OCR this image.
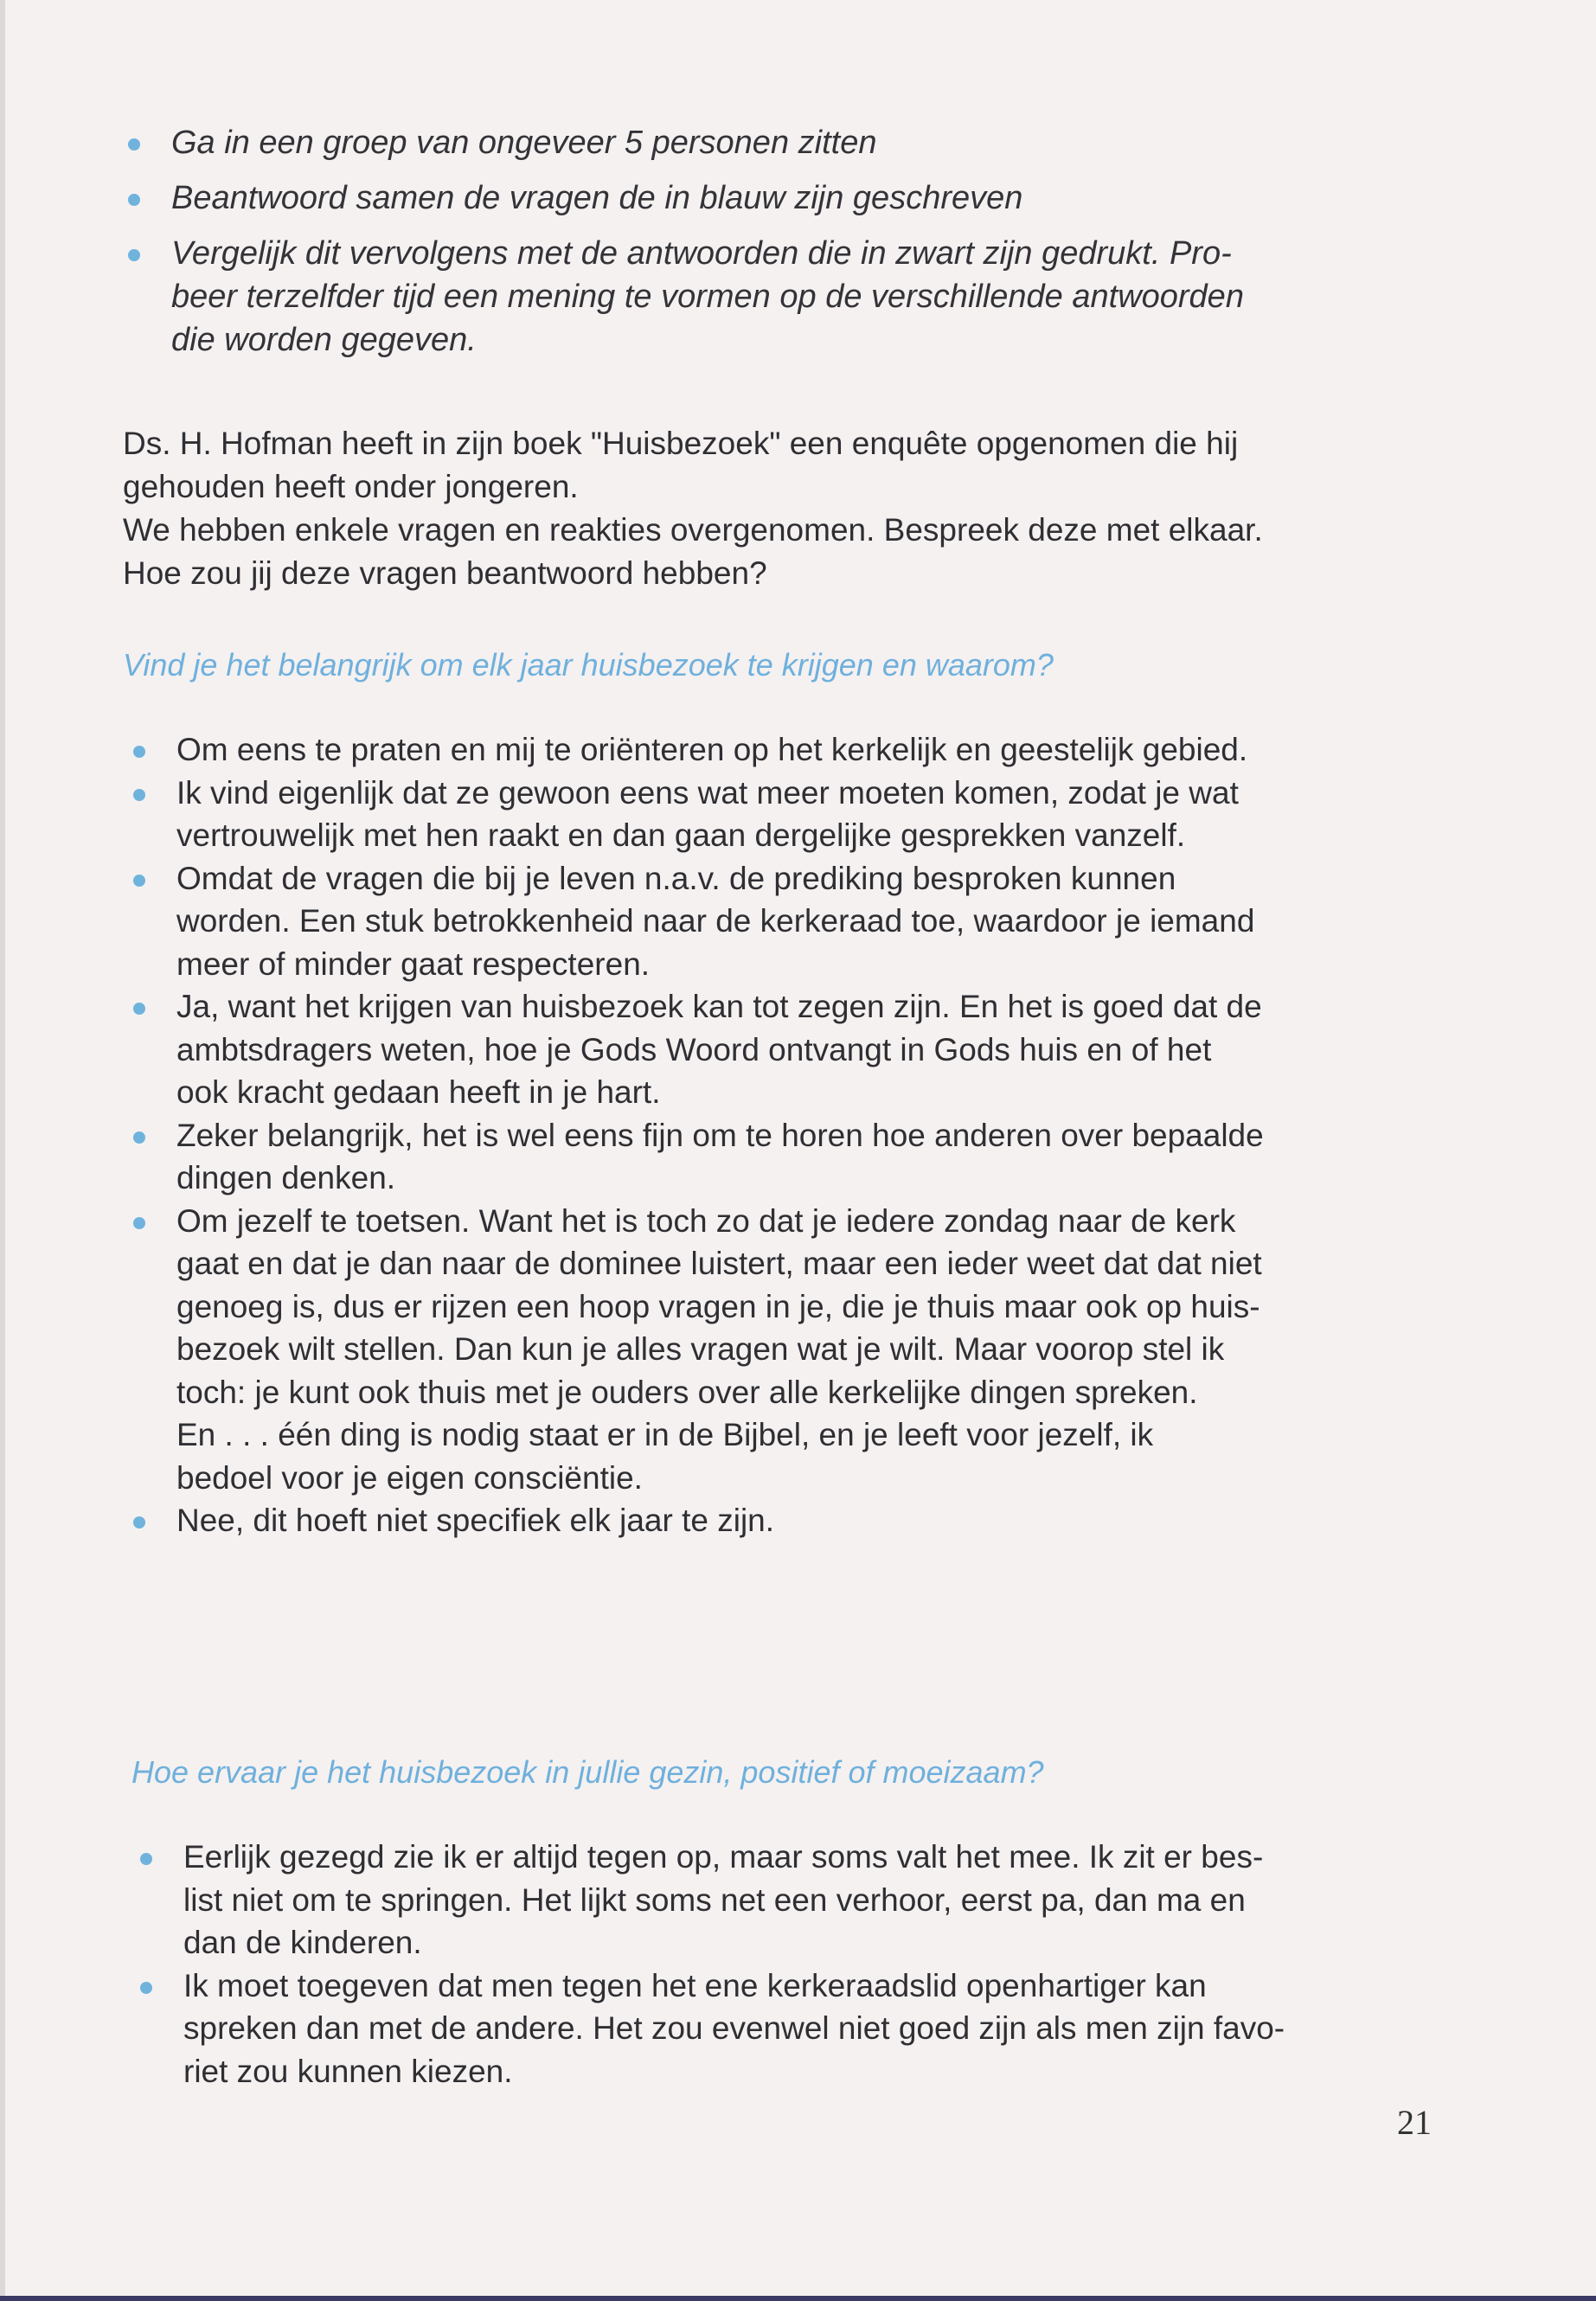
Ga in een groep van ongeveer 5 personen zitten
Beantwoord samen de vragen de in blauw zijn geschreven
Vergelijk dit vervolgens met de antwoorden die in zwart zijn gedrukt. Pro-
beer terzelfder tijd een mening te vormen op de verschillende antwoorden
die worden gegeven.

Ds. H. Hofman heeft in zijn boek "Huisbezoek" een enquête opgenomen die hij
gehouden heeft onder jongeren.

We hebben enkele vragen en reakties overgenomen. Bespreek deze met elkaar.
Hoe zou jij deze vragen beantwoord hebben?

Vind je het belangrijk om elk jaar huisbezoek te krijgen en waarom?

Om eens te praten en mij te oriënteren op het kerkelijk en geestelijk gebied.
Ik vind eigenlijk dat ze gewoon eens wat meer moeten komen, zodat je wat
vertrouwelijk met hen raakt en dan gaan dergelijke gesprekken vanzelf.
Omdat de vragen die bij je leven n.a.v. de prediking besproken kunnen
worden. Een stuk betrokkenheid naar de kerkeraad toe, waardoor je iemand
meer of minder gaat respecteren.
Ja, want het krijgen van huisbezoek kan tot zegen zijn. En het is goed dat de
ambtsdragers weten, hoe je Gods Woord ontvangt in Gods huis en of het
ook kracht gedaan heeft in je hart.
Zeker belangrijk, het is wel eens fijn om te horen hoe anderen over bepaalde
dingen denken.
Om jezelf te toetsen. Want het is toch zo dat je iedere zondag naar de kerk
gaat en dat je dan naar de dominee luistert, maar een ieder weet dat dat niet
genoeg is, dus er rijzen een hoop vragen in je, die je thuis maar ook op huis-
bezoek wilt stellen. Dan kun je alles vragen wat je wilt. Maar voorop stel ik
toch: je kunt ook thuis met je ouders over alle kerkelijke dingen spreken.
En . . . één ding is nodig staat er in de Bijbel, en je leeft voor jezelf, ik
bedoel voor je eigen consciëntie.
Nee, dit hoeft niet specifiek elk jaar te zijn.

Hoe ervaar je het huisbezoek in jullie gezin, positief of moeizaam?

Eerlijk gezegd zie ik er altijd tegen op, maar soms valt het mee. Ik zit er bes-
list niet om te springen. Het lijkt soms net een verhoor, eerst pa, dan ma en
dan de kinderen.
Ik moet toegeven dat men tegen het ene kerkeraadslid openhartiger kan
spreken dan met de andere. Het zou evenwel niet goed zijn als men zijn favo-
riet zou kunnen kiezen.
21
